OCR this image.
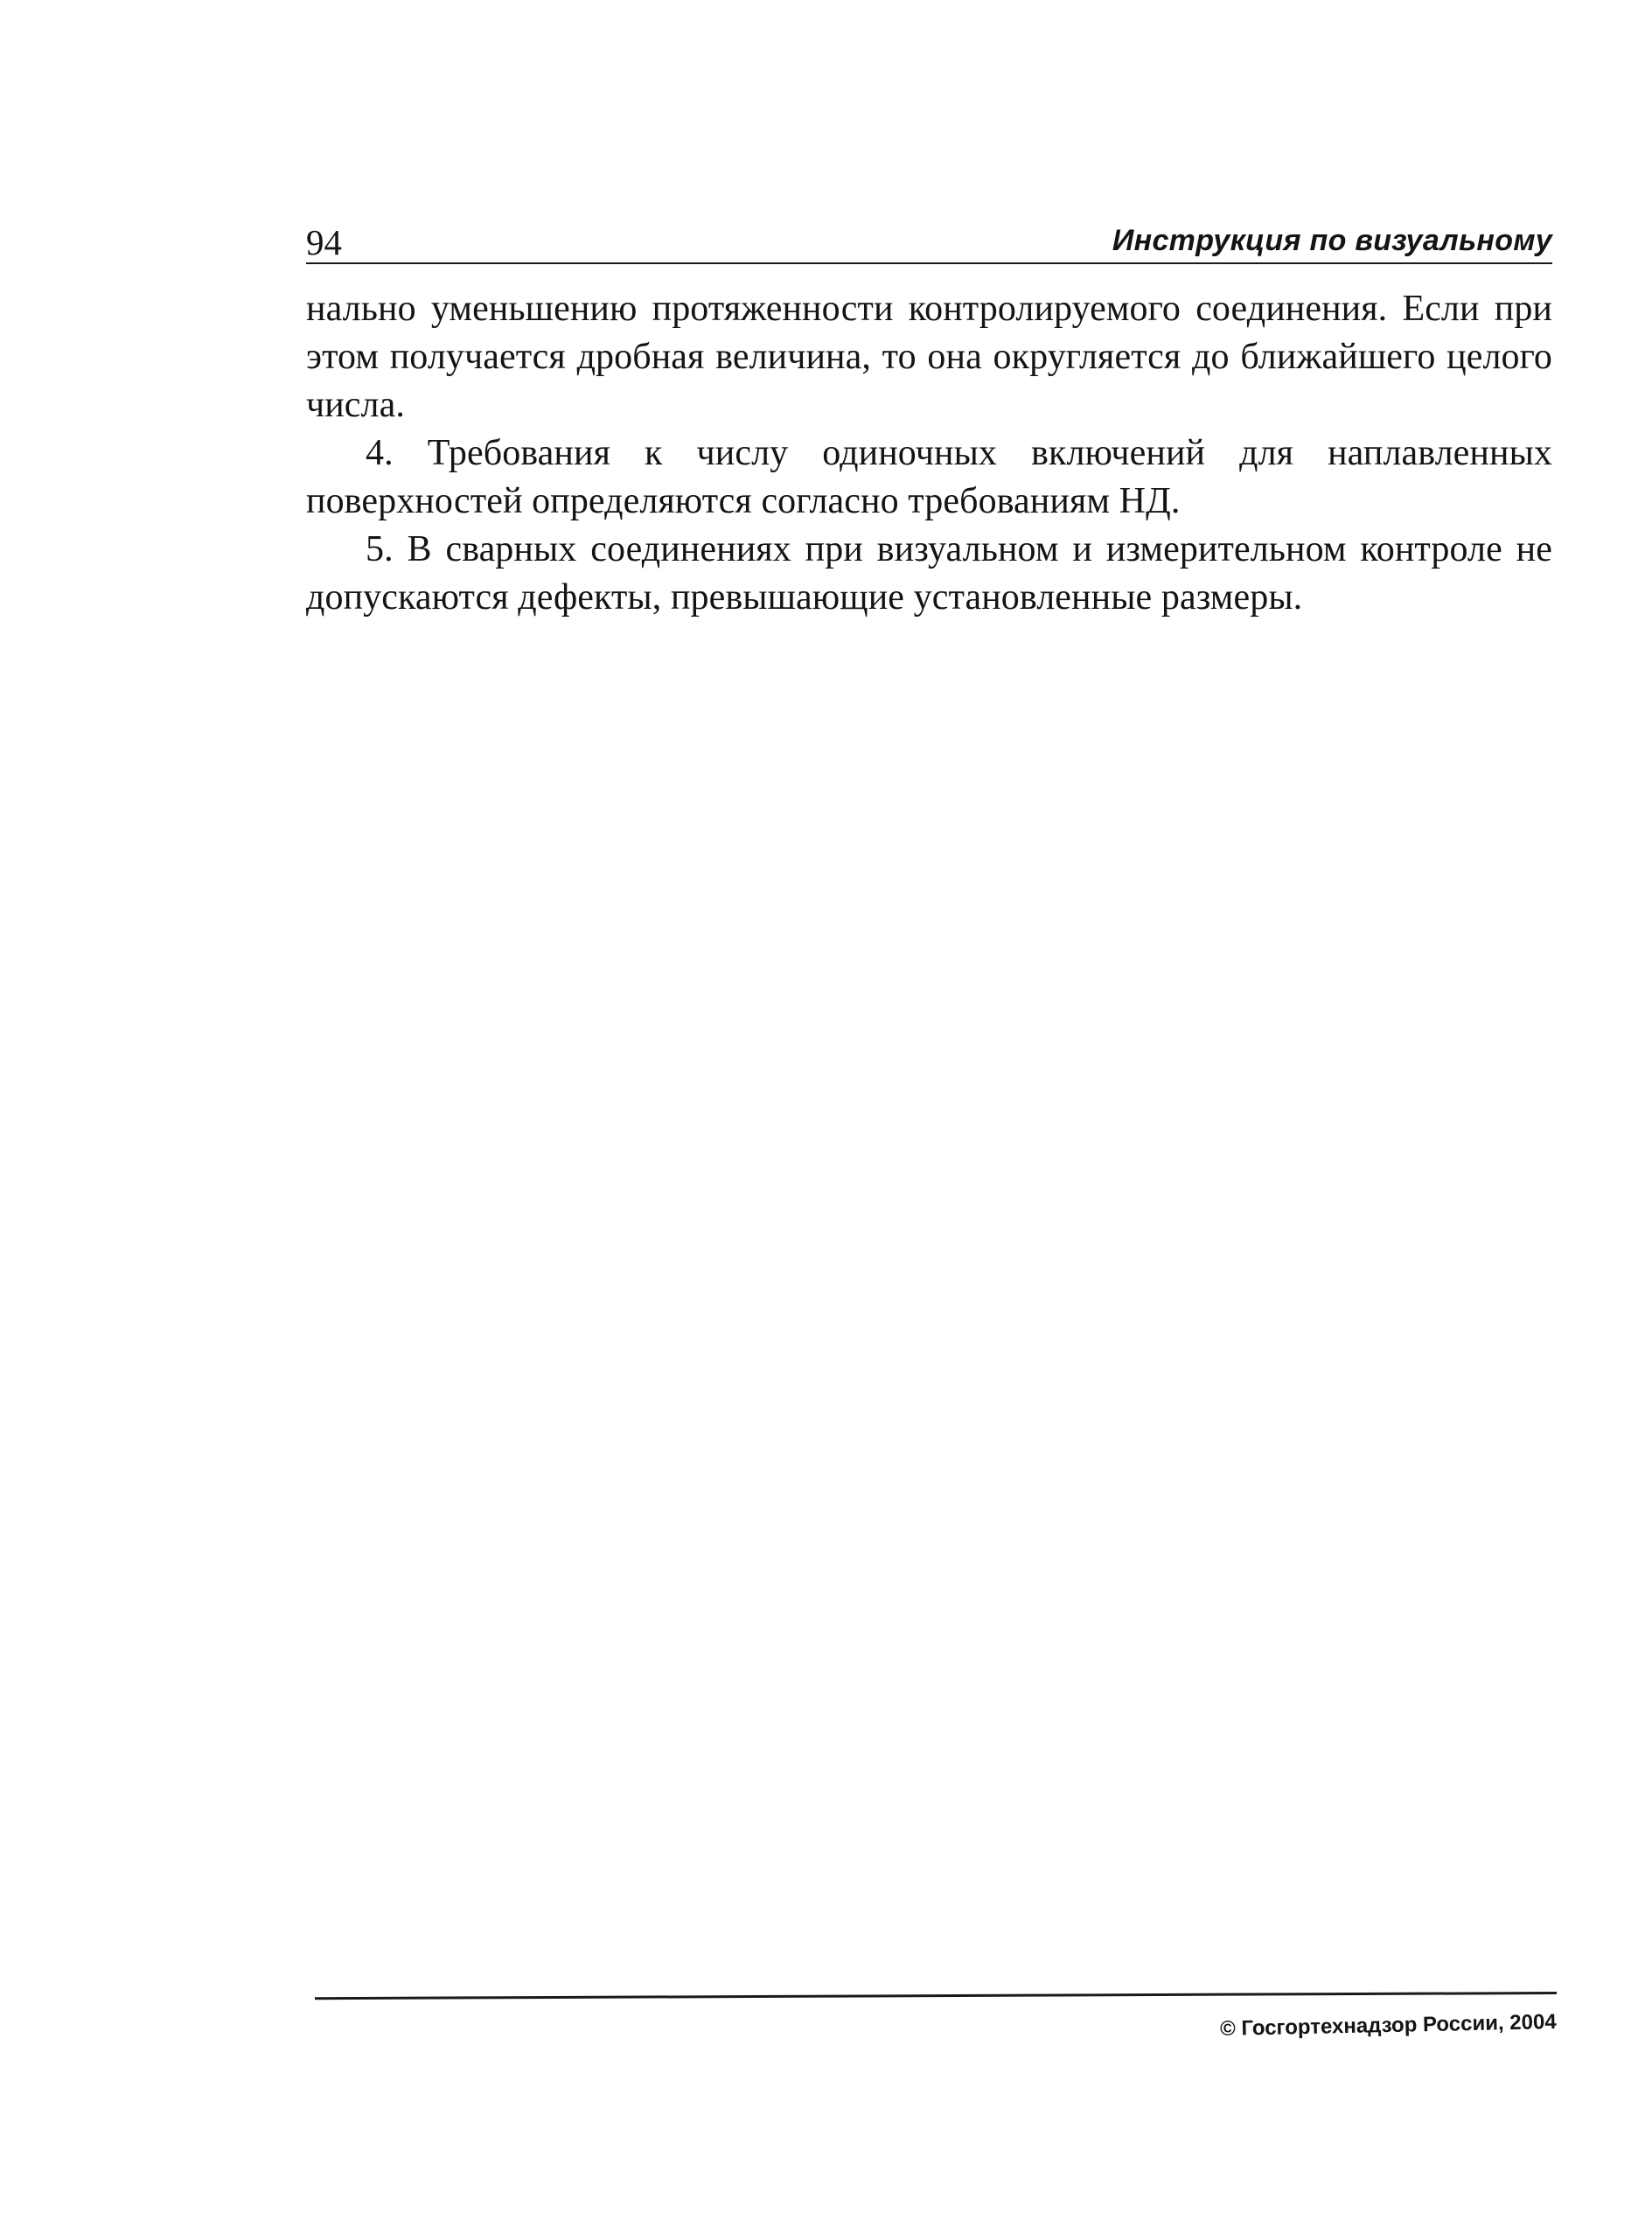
94	Инструкция по визуальному

нально уменьшению протяженности контролируемого соединения. Если при этом получается дробная величина, то она округляется до ближайшего целого числа.

4. Требования к числу одиночных включений для наплавленных поверхностей определяются согласно требованиям НД.

5. В сварных соединениях при визуальном и измерительном контроле не допускаются дефекты, превышающие установленные размеры.

© Госгортехнадзор России, 2004
